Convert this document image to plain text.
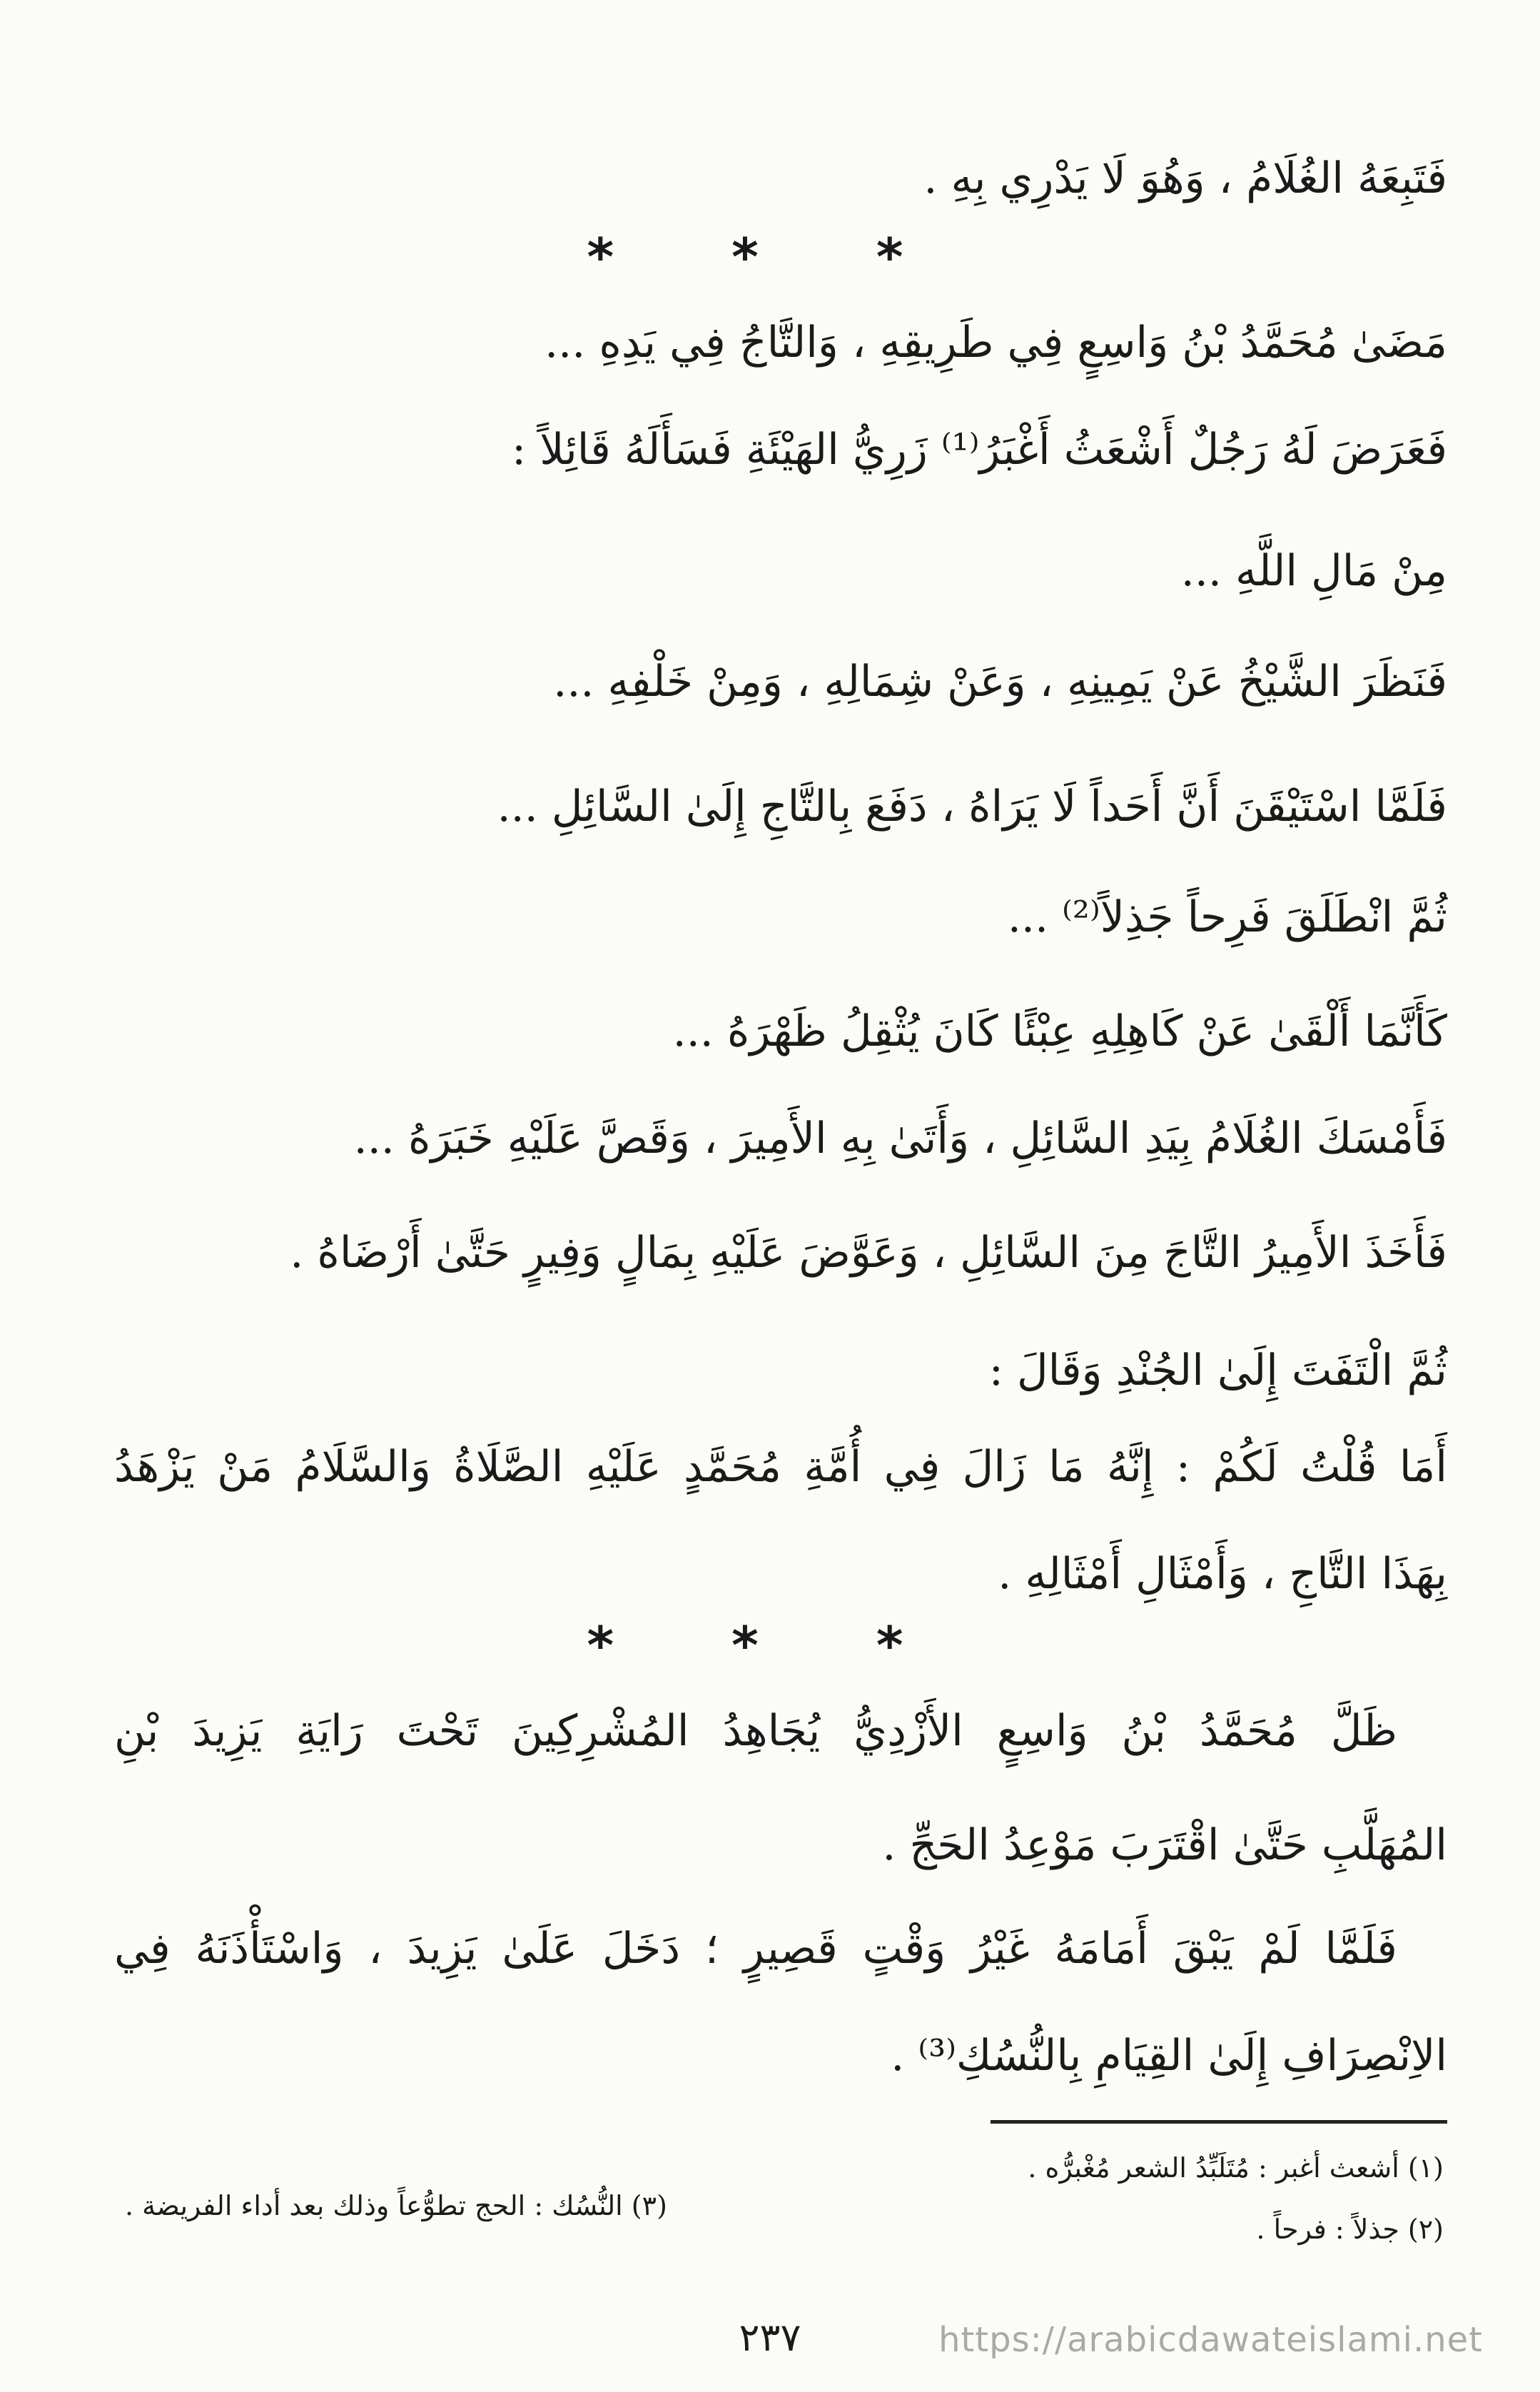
فَتَبِعَهُ الغُلَامُ ، وَهُوَ لَا يَدْرِي بِهِ .
* * *
مَضَىٰ مُحَمَّدُ بْنُ وَاسِعٍ فِي طَرِيقِهِ ، وَالتَّاجُ فِي يَدِهِ ...
فَعَرَضَ لَهُ رَجُلٌ أَشْعَثُ أَغْبَرُ⁽¹⁾ زَرِيُّ الهَيْئَةِ فَسَأَلَهُ قَائِلاً :
مِنْ مَالِ اللَّهِ ...
فَنَظَرَ الشَّيْخُ عَنْ يَمِينِهِ ، وَعَنْ شِمَالِهِ ، وَمِنْ خَلْفِهِ ...
فَلَمَّا اسْتَيْقَنَ أَنَّ أَحَداً لَا يَرَاهُ ، دَفَعَ بِالتَّاجِ إِلَىٰ السَّائِلِ ...
ثُمَّ انْطَلَقَ فَرِحاً جَذِلاً⁽²⁾ ...
كَأَنَّمَا أَلْقَىٰ عَنْ كَاهِلِهِ عِبْئًا كَانَ يُثْقِلُ ظَهْرَهُ ...
فَأَمْسَكَ الغُلَامُ بِيَدِ السَّائِلِ ، وَأَتَىٰ بِهِ الأَمِيرَ ، وَقَصَّ عَلَيْهِ خَبَرَهُ ...
فَأَخَذَ الأَمِيرُ التَّاجَ مِنَ السَّائِلِ ، وَعَوَّضَ عَلَيْهِ بِمَالٍ وَفِيرٍ حَتَّىٰ أَرْضَاهُ .
ثُمَّ الْتَفَتَ إِلَىٰ الجُنْدِ وَقَالَ :
أَمَا قُلْتُ لَكُمْ : إِنَّهُ مَا زَالَ فِي أُمَّةِ مُحَمَّدٍ عَلَيْهِ الصَّلَاةُ وَالسَّلَامُ مَنْ يَزْهَدُ
بِهَذَا التَّاجِ ، وَأَمْثَالِ أَمْثَالِهِ .
* * *
ظَلَّ مُحَمَّدُ بْنُ وَاسِعٍ الأَزْدِيُّ يُجَاهِدُ المُشْرِكِينَ تَحْتَ رَايَةِ يَزِيدَ بْنِ
المُهَلَّبِ حَتَّىٰ اقْتَرَبَ مَوْعِدُ الحَجِّ .
فَلَمَّا لَمْ يَبْقَ أَمَامَهُ غَيْرُ وَقْتٍ قَصِيرٍ ؛ دَخَلَ عَلَىٰ يَزِيدَ ، وَاسْتَأْذَنَهُ فِي
الاِنْصِرَافِ إِلَىٰ القِيَامِ بِالنُّسُكِ⁽³⁾ .
(١) أشعث أغبر : مُتَلَبِّدُ الشعر مُغْبرُّه .
(٢) جذلاً : فرحاً .
(٣) النُّسُك : الحج تطوُّعاً وذلك بعد أداء الفريضة .
٢٣٧	https://arabicdawateislami.net
